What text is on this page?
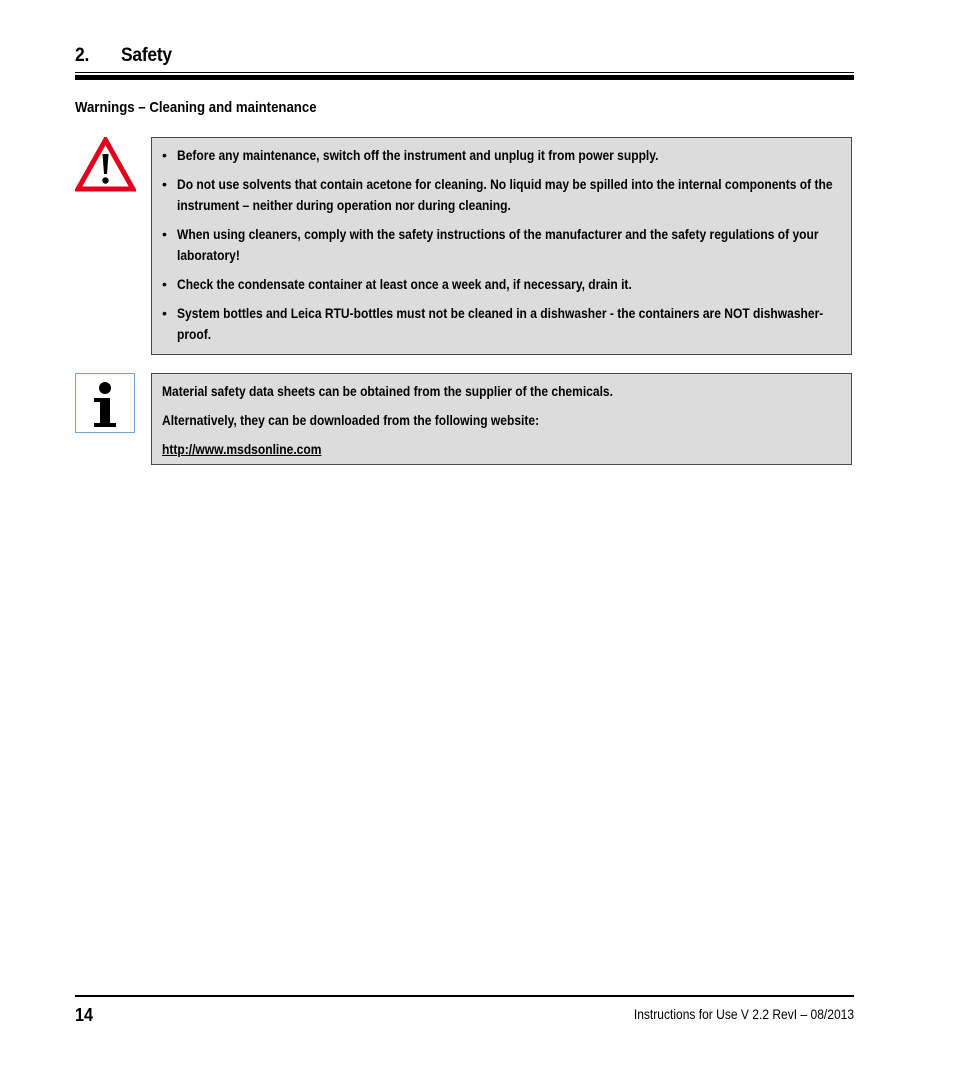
2.	Safety
Warnings – Cleaning and maintenance
• Before any maintenance, switch off the instrument and unplug it from power supply.
• Do not use solvents that contain acetone for cleaning. No liquid may be spilled into the internal components of the instrument – neither during operation nor during cleaning.
• When using cleaners, comply with the safety instructions of the manufacturer and the safety regulations of your laboratory!
• Check the condensate container at least once a week and, if necessary, drain it.
• System bottles and Leica RTU-bottles must not be cleaned in a dishwasher - the containers are NOT dishwasher-proof.
Material safety data sheets can be obtained from the supplier of the chemicals.
Alternatively, they can be downloaded from the following website:
http://www.msdsonline.com
14	Instructions for Use V 2.2 RevI – 08/2013
